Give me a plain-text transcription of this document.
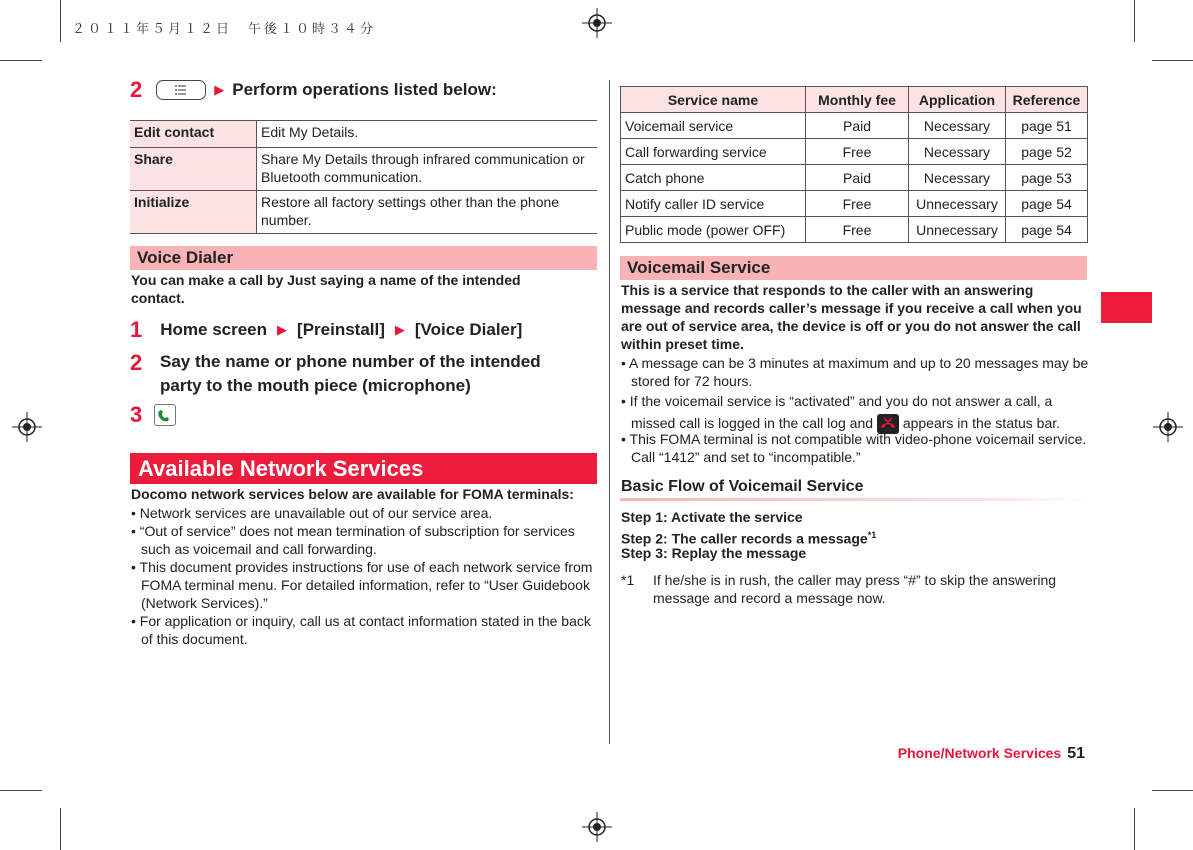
２０１１年５月１２日　午後１０時３４分
2	▶ Perform operations listed below:
Edit contact	Edit My Details.
Share	Share My Details through infrared communication or Bluetooth communication.
Initialize	Restore all factory settings other than the phone number.
Voice Dialer
You can make a call by Just saying a name of the intended contact.
1 Home screen ▶ [Preinstall] ▶ [Voice Dialer]
2 Say the name or phone number of the intended party to the mouth piece (microphone)
3
Available Network Services
Docomo network services below are available for FOMA terminals:
• Network services are unavailable out of our service area.
• “Out of service” does not mean termination of subscription for services such as voicemail and call forwarding.
• This document provides instructions for use of each network service from FOMA terminal menu. For detailed information, refer to “User Guidebook (Network Services).”
• For application or inquiry, call us at contact information stated in the back of this document.
Service name	Monthly fee	Application	Reference
Voicemail service	Paid	Necessary	page 51
Call forwarding service	Free	Necessary	page 52
Catch phone	Paid	Necessary	page 53
Notify caller ID service	Free	Unnecessary	page 54
Public mode (power OFF)	Free	Unnecessary	page 54
Voicemail Service
This is a service that responds to the caller with an answering message and records caller’s message if you receive a call when you are out of service area, the device is off or you do not answer the call within preset time.
• A message can be 3 minutes at maximum and up to 20 messages may be stored for 72 hours.
• If the voicemail service is “activated” and you do not answer a call, a missed call is logged in the call log and appears in the status bar.
• This FOMA terminal is not compatible with video-phone voicemail service. Call “1412” and set to “incompatible.”
Basic Flow of Voicemail Service
Step 1: Activate the service
Step 2: The caller records a message$^{*1}$
Step 3: Replay the message
*1 If he/she is in rush, the caller may press “#” to skip the answering message and record a message now.
Phone/Network Services 51
